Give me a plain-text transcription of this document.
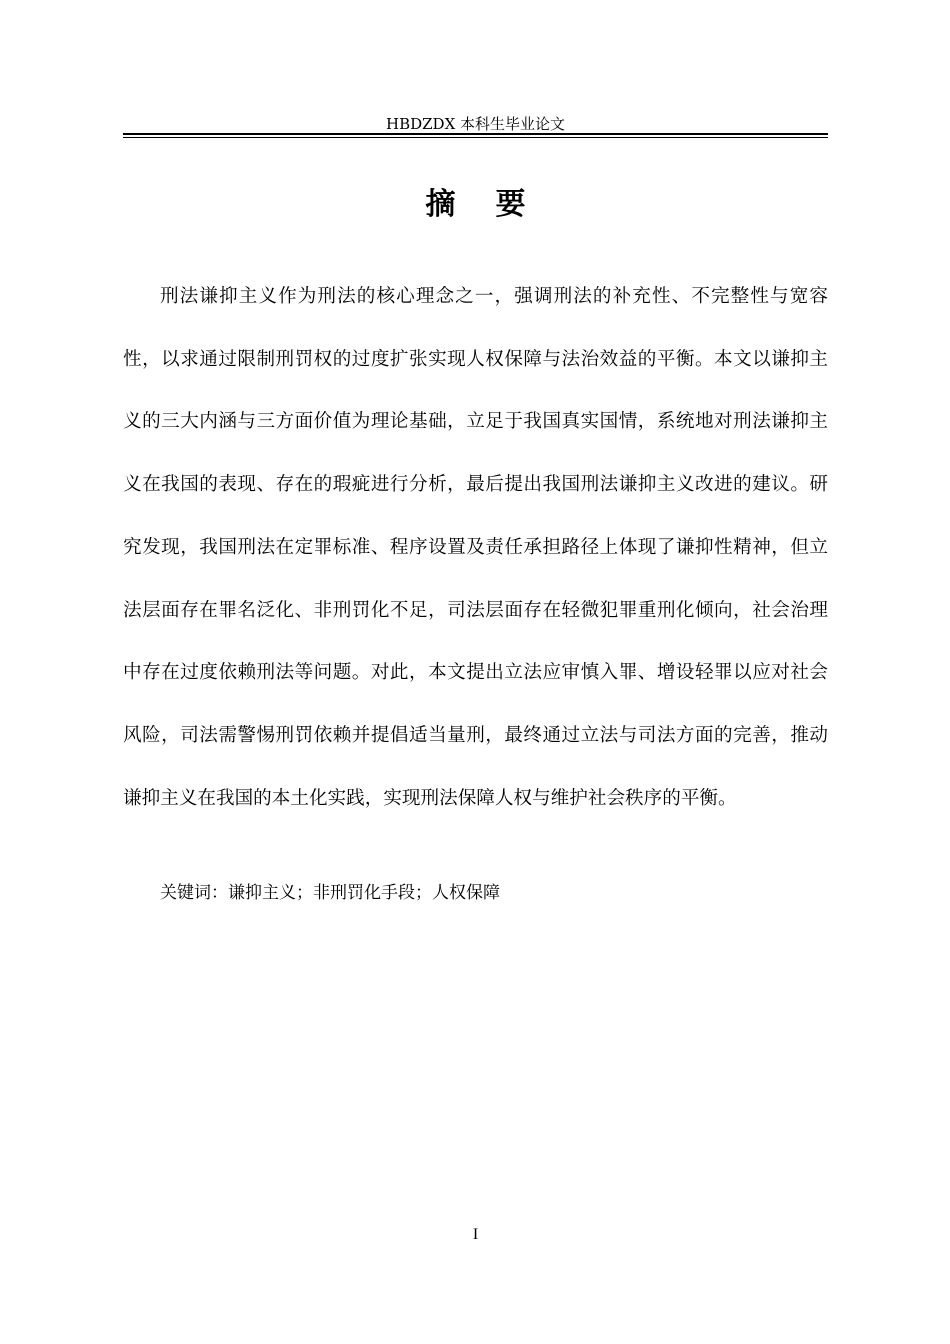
HBDZDX 本科生毕业论文
摘要

刑法谦抑主义作为刑法的核心理念之一，强调刑法的补充性、不完整性与宽容性，以求通过限制刑罚权的过度扩张实现人权保障与法治效益的平衡。本文以谦抑主义的三大内涵与三方面价值为理论基础，立足于我国真实国情，系统地对刑法谦抑主义在我国的表现、存在的瑕疵进行分析，最后提出我国刑法谦抑主义改进的建议。研究发现，我国刑法在定罪标准、程序设置及责任承担路径上体现了谦抑性精神，但立法层面存在罪名泛化、非刑罚化不足，司法层面存在轻微犯罪重刑化倾向，社会治理中存在过度依赖刑法等问题。对此，本文提出立法应审慎入罪、增设轻罪以应对社会风险，司法需警惕刑罚依赖并提倡适当量刑，最终通过立法与司法方面的完善，推动谦抑主义在我国的本土化实践，实现刑法保障人权与维护社会秩序的平衡。

关键词：谦抑主义；非刑罚化手段；人权保障
I
